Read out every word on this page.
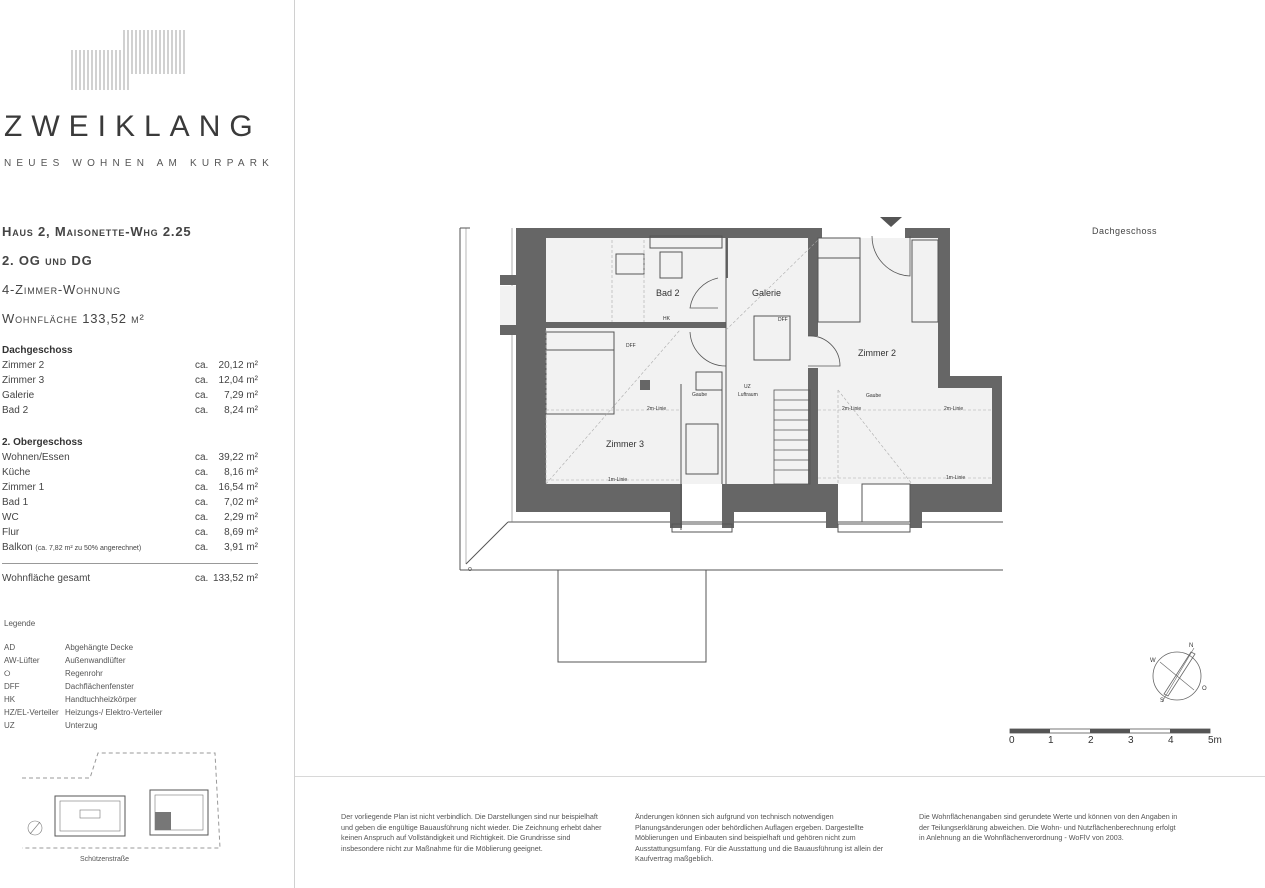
ZWEIKLANG
NEUES WOHNEN AM KURPARK
Haus 2, Maisonette-Whg 2.25
2. OG und DG
4-Zimmer-Wohnung
Wohnfläche 133,52 m²
Dachgeschoss
Zimmer 2	ca. 20,12 m²
Zimmer 3	ca. 12,04 m²
Galerie	ca. 7,29 m²
Bad 2	ca. 8,24 m²
2. Obergeschoss
Wohnen/Essen	ca. 39,22 m²
Küche	ca. 8,16 m²
Zimmer 1	ca. 16,54 m²
Bad 1	ca. 7,02 m²
WC	ca. 2,29 m²
Flur	ca. 8,69 m²
Balkon (ca. 7,82 m² zu 50% angerechnet)	ca. 3,91 m²
Wohnfläche gesamt	ca. 133,52 m²
Legende
AD	Abgehängte Decke
AW-Lüfter	Außenwandlüfter
⭘	Regenrohr
DFF	Dachflächenfenster
HK	Handtuchheizkörper
HZ/EL-Verteiler Heizungs-/ Elektro-Verteiler
UZ	Unterzug
Schützenstraße
Dachgeschoss
o
Bad 2	Galerie
Zimmer 2
Zimmer 3
Gaube	Gaube
Luftraum
UZ
HK	DFF
DFF
2m-Linie	2m-Linie
2m-Linie
1m-Linie	1m-Linie
N
O
S
W
0	1	2	3	4	5m
Der vorliegende Plan ist nicht verbindlich. Die Darstellungen sind nur beispielhaft und geben die engültige Bauausführung nicht wieder. Die Zeichnung erhebt daher keinen Anspruch auf Vollständigkeit und Richtigkeit. Die Grundrisse sind insbesondere nicht zur Maßnahme für die Möblierung geeignet.
Änderungen können sich aufgrund von technisch notwendigen Planungsänderungen oder behördlichen Auflagen ergeben. Dargestellte Möblierungen und Einbauten sind beispielhaft und gehören nicht zum Ausstattungsumfang. Für die Ausstattung und die Bauausführung ist allein der Kaufvertrag maßgeblich.
Die Wohnflächenangaben sind gerundete Werte und können von den Angaben in der Teilungserklärung abweichen. Die Wohn- und Nutzflächenberechnung erfolgt in Anlehnung an die Wohnflächenverordnung - WoFlV von 2003.
